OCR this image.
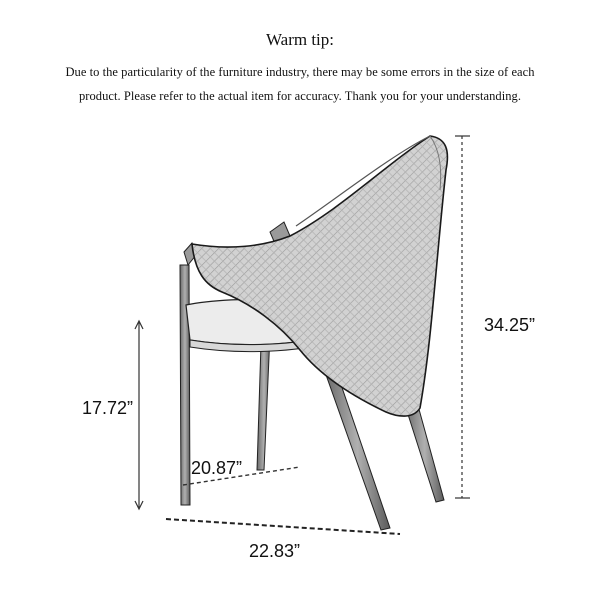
Warm tip:
Due to the particularity of the furniture industry, there may be some errors in the size of each
product. Please refer to the actual item for accuracy. Thank you for your understanding.
34.25”
17.72”
20.87”
22.83”
